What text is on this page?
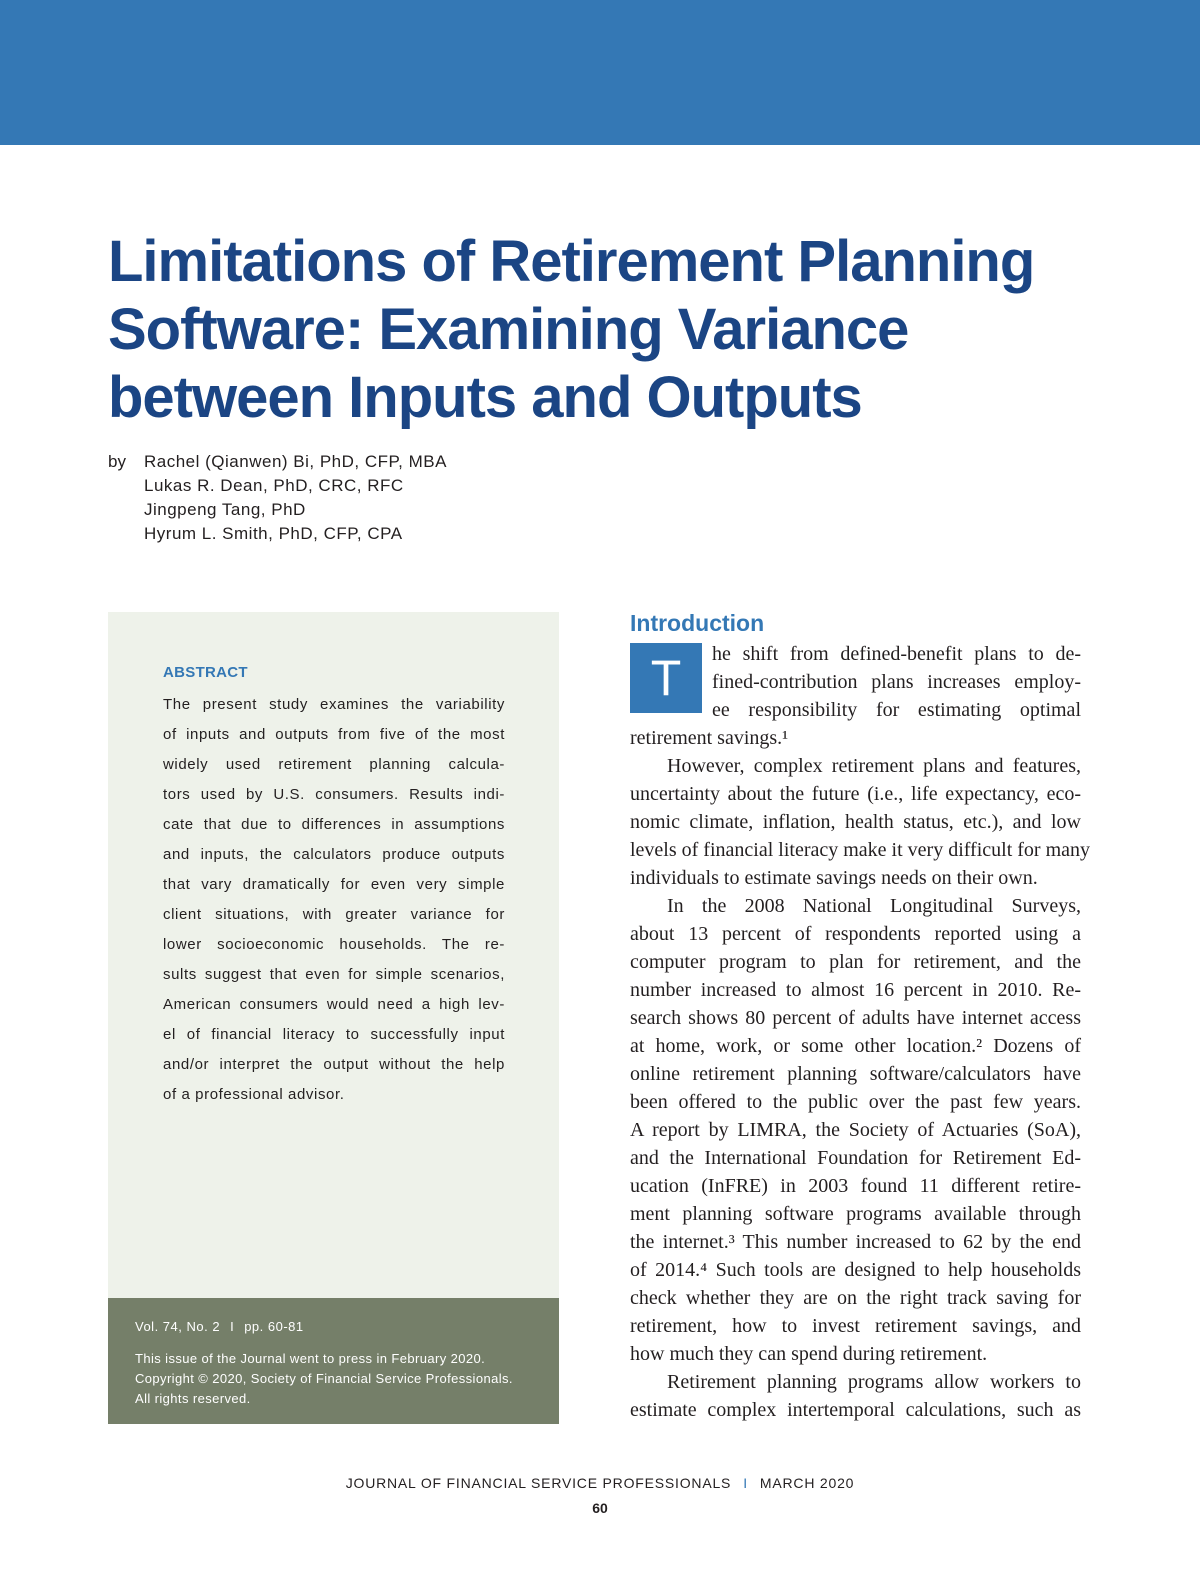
Limitations of Retirement Planning
Software: Examining Variance
between Inputs and Outputs
by Rachel (Qianwen) Bi, PhD, CFP, MBA
Lukas R. Dean, PhD, CRC, RFC
Jingpeng Tang, PhD
Hyrum L. Smith, PhD, CFP, CPA
ABSTRACT
The present study examines the variability
of inputs and outputs from five of the most
widely used retirement planning calcula-
tors used by U.S. consumers. Results indi-
cate that due to differences in assumptions
and inputs, the calculators produce outputs
that vary dramatically for even very simple
client situations, with greater variance for
lower socioeconomic households. The re-
sults suggest that even for simple scenarios,
American consumers would need a high lev-
el of financial literacy to successfully input
and/or interpret the output without the help
of a professional advisor.
Vol. 74, No. 2 I pp. 60-81
This issue of the Journal went to press in February 2020.
Copyright © 2020, Society of Financial Service Professionals.
All rights reserved.
Introduction
T	he shift from defined-benefit plans to de-
fined-contribution plans increases employ-
ee responsibility for estimating optimal
retirement savings.¹
However, complex retirement plans and features,
uncertainty about the future (i.e., life expectancy, eco-
nomic climate, inflation, health status, etc.), and low
levels of financial literacy make it very difficult for many
individuals to estimate savings needs on their own.
In the 2008 National Longitudinal Surveys,
about 13 percent of respondents reported using a
computer program to plan for retirement, and the
number increased to almost 16 percent in 2010. Re-
search shows 80 percent of adults have internet access
at home, work, or some other location.² Dozens of
online retirement planning software/calculators have
been offered to the public over the past few years.
A report by LIMRA, the Society of Actuaries (SoA),
and the International Foundation for Retirement Ed-
ucation (InFRE) in 2003 found 11 different retire-
ment planning software programs available through
the internet.³ This number increased to 62 by the end
of 2014.⁴ Such tools are designed to help households
check whether they are on the right track saving for
retirement, how to invest retirement savings, and
how much they can spend during retirement.
Retirement planning programs allow workers to
estimate complex intertemporal calculations, such as
JOURNAL OF FINANCIAL SERVICE PROFESSIONALS I MARCH 2020
60
